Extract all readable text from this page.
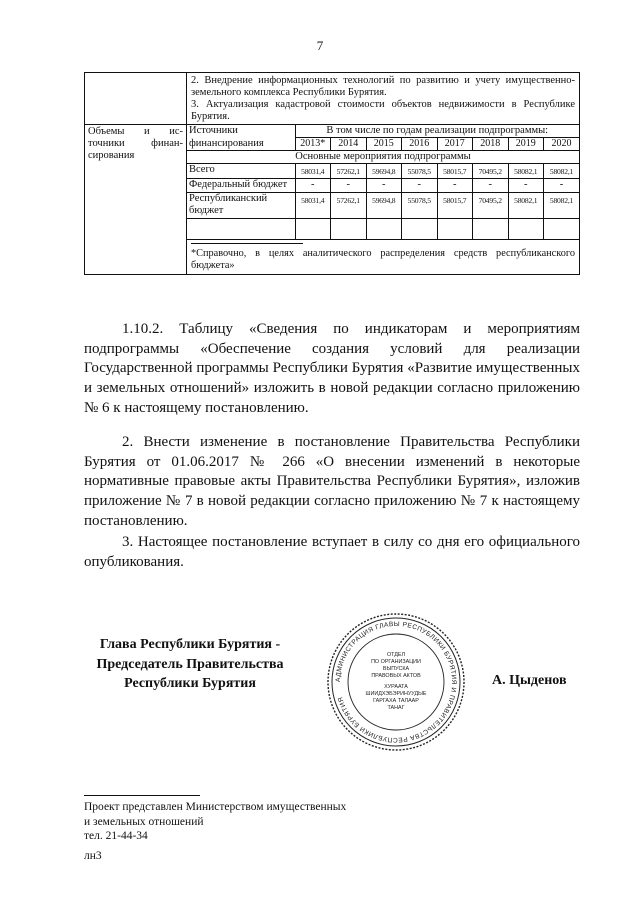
7

2. Внедрение информационных технологий по развитию и учету имущественно-земельного комплекса Республики Бурятия.

3. Актуализация кадастровой стоимости объектов недвижимости в Республике Бурятия.

Объемы и ис-
точники финан-
сирования

Источники финансирования	В том числе по годам реализации подпрограммы:
2013*	2014	2015	2016	2017	2018	2019	2020
Основные мероприятия подпрограммы
Всего	58031,4	57262,1	59694,8	55078,5	58015,7	70495,2	58082,1	58082,1
Федеральный бюджет	-	-	-	-	-	-	-	-
Республиканский бюджет	58031,4	57262,1	59694,8	55078,5	58015,7	70495,2	58082,1	58082,1

*Справочно, в целях аналитического распределения средств республиканского бюджета»

1.10.2. Таблицу «Сведения по индикаторам и мероприятиям подпрограммы «Обеспечение создания условий для реализации Государственной программы Республики Бурятия «Развитие имущественных и земельных отношений» изложить в новой редакции согласно приложению № 6 к настоящему постановлению.

2. Внести изменение в постановление Правительства Республики Бурятия от 01.06.2017 № 266 «О внесении изменений в некоторые нормативные правовые акты Правительства Республики Бурятия», изложив приложение № 7 в новой редакции согласно приложению № 7 к настоящему постановлению.

3. Настоящее постановление вступает в силу со дня его официального опубликования.

Глава Республики Бурятия -
Председатель Правительства
Республики Бурятия	АДМИНИСТРАЦИЯ ГЛАВЫ РЕСПУБЛИКИ БУРЯТИЯ И ПРАВИТЕЛЬСТВА РЕСПУБЛИКИ БУРЯТИЯ
ОТДЕЛ
ПО ОРГАНИЗАЦИИ
ВЫПУСКА
ПРАВОВЫХ АКТОВ
ХУРААТА
ШИИДХЭБЭРИНУУДЫЕ
ГАРГАХА ТАЛААР
ТАНАГ
А. Цыденов
Проект представлен Министерством имущественных
и земельных отношений
тел. 21-44-34
лн3
